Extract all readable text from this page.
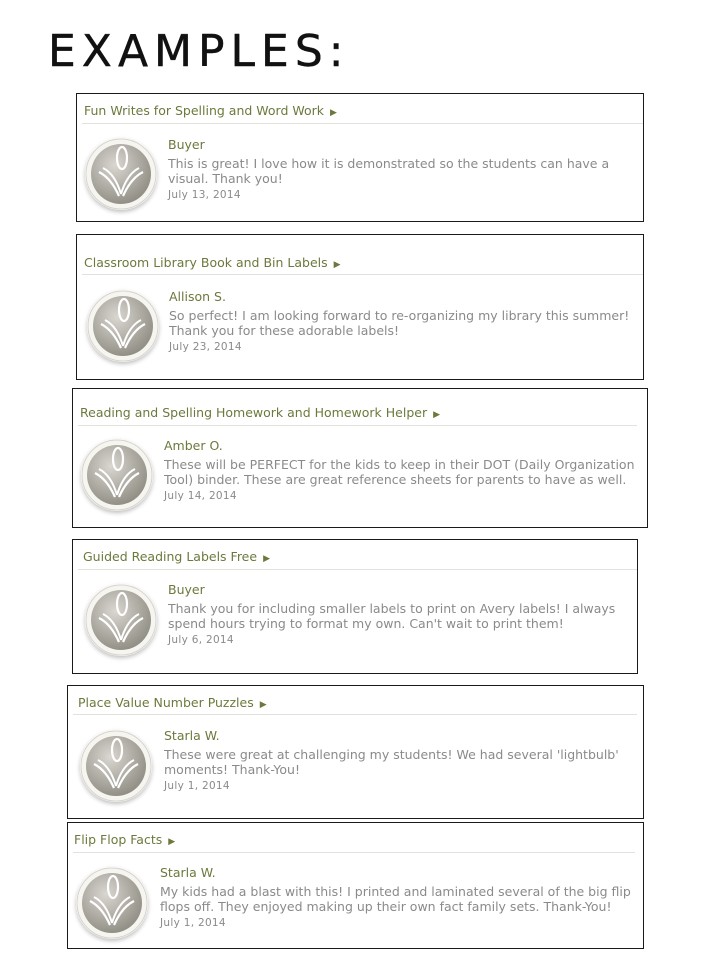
EXAMPLES:
Fun Writes for Spelling and Word Work ▶
Buyer
This is great! I love how it is demonstrated so the students can have a visual. Thank you!
July 13, 2014
Classroom Library Book and Bin Labels ▶
Allison S.
So perfect! I am looking forward to re-organizing my library this summer! Thank you for these adorable labels!
July 23, 2014
Reading and Spelling Homework and Homework Helper ▶
Amber O.
These will be PERFECT for the kids to keep in their DOT (Daily Organization Tool) binder. These are great reference sheets for parents to have as well.
July 14, 2014
Guided Reading Labels Free ▶
Buyer
Thank you for including smaller labels to print on Avery labels! I always spend hours trying to format my own. Can't wait to print them!
July 6, 2014
Place Value Number Puzzles ▶
Starla W.
These were great at challenging my students! We had several 'lightbulb' moments! Thank-You!
July 1, 2014
Flip Flop Facts ▶
Starla W.
My kids had a blast with this! I printed and laminated several of the big flip flops off. They enjoyed making up their own fact family sets. Thank-You!
July 1, 2014
